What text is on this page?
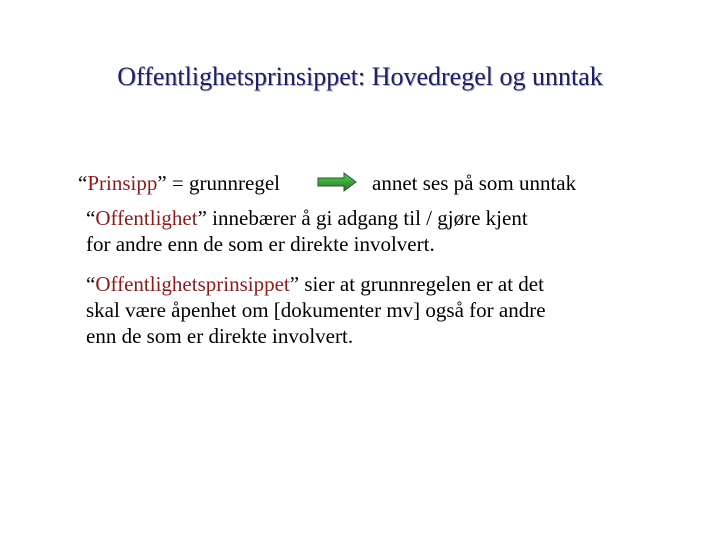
Offentlighetsprinsippet: Hovedregel og unntak
“Prinsipp” = grunnregel	annet ses på som unntak
“Offentlighet” innebærer å gi adgang til / gjøre kjent
for andre enn de som er direkte involvert.
“Offentlighetsprinsippet” sier at grunnregelen er at det
skal være åpenhet om [dokumenter mv] også for andre
enn de som er direkte involvert.
